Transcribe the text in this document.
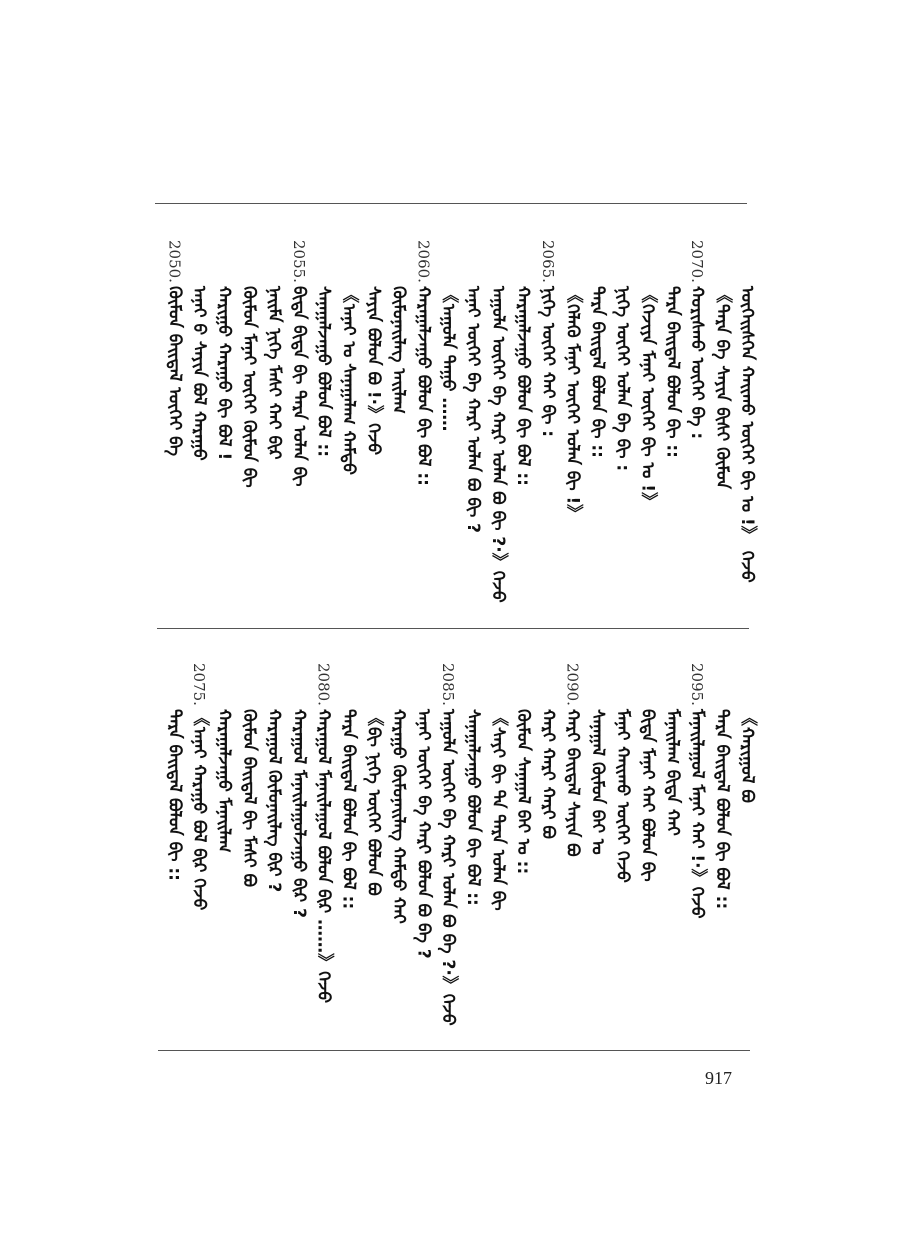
ᠦᠭᠡᠢᠰᠬᠡᠨ ᠬᠠᠢᠬᠤ ᠦᠭᠡᠢ ᠪᠢ ᠤ !》 ᠭᠡᠵᠦ
《ᠲᠡᠷᠡ ᠪᠡ ᠰᠠᠶᠢᠨ ᠪᠢᠰᠢ ᠬᠦᠮᠦᠨ
ᠬᠣᠷᠢᠰᠬᠣ ᠦᠭᠡᠢ ᠪᠠ :
2070.
ᠲᠡᠷᠡ ᠪᠠᠢᠳᠠᠯ ᠪᠣᠯᠤᠨ ᠪᠢ ::
《ᠬᠡᠵᠢᠶᠡ ᠮᠠᠨᠠᠢ ᠦᠭᠡᠢ ᠪᠢ ᠤ !》
ᠨᠢᠭᠡ ᠦᠭᠡᠢ ᠣᠯᠠᠨ ᠪᠠ ᠪᠢ :
ᠲᠡᠷᠡ ᠪᠠᠢᠳᠠᠯ ᠪᠣᠯᠤᠨ ᠪᠢ ::
《ᠬᠡᠯᠡᠭᠦ ᠮᠠᠨᠠᠢ ᠦᠭᠡᠢ ᠣᠯᠠᠨ ᠪᠢ !》
ᠨᠢᠭᠡ ᠦᠭᠡᠢ ᠬᠠᠢ ᠪᠢ :
2065.
ᠬᠠᠷᠠᠭᠠᠯᠵᠠᠭᠤ ᠪᠣᠯᠤᠨ ᠪᠢ ᠪᠣᠯ ::
ᠠᠭᠤᠯᠠ ᠦᠭᠡᠢ ᠪᠡ ᠬᠠᠷᠢ ᠣᠯᠠᠨ ᠪᠣ ᠪᠢ ?·》ᠭᠡᠵᠦ
ᠠᠨᠠᠢ ᠦᠭᠡᠢ ᠪᠡ ᠬᠠᠷᠢ ᠣᠯᠠᠨ ᠪᠣ ᠪᠢ ?
《ᠠᠭᠤᠯᠠ ᠳᠠᠭᠤ ……
ᠬᠠᠷᠠᠭᠠᠯᠵᠠᠭᠤ ᠪᠣᠯᠤᠨ ᠪᠢ ᠪᠣᠯ ::
2060.
ᠬᠦᠮᠦᠨᠡᠢᠯᠡᠭ ᠠᠢᠯᠠᠭ
ᠰᠠᠶᠢᠨ ᠪᠣᠯᠤᠨ ᠪᠣ !·》ᠭᠡᠵᠦ
《ᠠᠨᠠᠢ ᠤ ᠰᠠᠨᠠᠭᠠᠯᠠᠭ ᠬᠠᠮᠲᠤ
ᠰᠠᠨᠠᠭᠠᠯᠵᠠᠭᠤ ᠪᠣᠯᠤᠨ ᠪᠣᠯ ::
ᠪᠢᠳᠡ ᠪᠢᠳᠡ ᠪᠢ ᠲᠡᠷᠡ ᠣᠯᠠᠨ ᠪᠢ
2055.
ᠨᠠᠢᠮᠠ ᠨᠢᠭᠡ ᠮᠠᠰᠢ ᠬᠠᠢ ᠪᠢᠷ
ᠬᠦᠮᠦᠨ ᠮᠠᠨᠠᠢ ᠦᠭᠡᠢ ᠬᠦᠮᠦᠨ ᠪᠢ
ᠬᠠᠷᠢᠭᠤ ᠬᠠᠷᠠᠭᠤ ᠪᠢ ᠪᠣᠯ !
ᠠᠨᠠᠢ ᠪ ᠰᠠᠶᠢᠨ ᠪᠣᠯ ᠬᠠᠷᠠᠭᠤ
ᠬᠦᠮᠦᠨ ᠪᠠᠢᠳᠠᠯ ᠦᠭᠡᠢ ᠪᠠ
2050.
《ᠬᠠᠷᠢᠭᠤᠯ ᠪᠣ
ᠲᠡᠷᠡ ᠪᠠᠢᠳᠠᠯ ᠪᠣᠯᠤᠨ ᠪᠢ ᠪᠣᠯ ::
ᠮᠠᠨᠠᠢᠯᠠᠭᠤᠯ ᠮᠠᠨᠠᠢ ᠬᠠᠢ !·》ᠭᠡᠵᠦ
2095.
ᠮᠠᠨᠠᠢᠯᠠᠭ ᠪᠢᠳᠡ ᠬᠠᠢ
ᠪᠢᠳᠡ ᠮᠠᠨᠠᠢ ᠬᠠᠢ ᠪᠣᠯᠤᠨ ᠪᠢ
ᠮᠠᠨᠠᠢ ᠬᠠᠢᠬᠤ ᠦᠭᠡᠢ ᠭᠡᠵᠦ
ᠰᠠᠨᠠᠭᠠᠯ ᠬᠦᠮᠦᠨ ᠪᠠᠢ ᠤ
ᠬᠠᠷᠢ ᠪᠠᠢᠳᠠᠯ ᠰᠠᠶᠢᠨ ᠪᠣ
2090.
ᠬᠠᠷᠢ ᠬᠠᠷᠢ ᠬᠠᠷᠢ ᠪᠣ
ᠬᠦᠮᠦᠨ ᠰᠠᠨᠠᠭᠠᠯ ᠪᠠᠢ ᠤ ::
《ᠰᠠᠶᠢ ᠪᠢ ᠲᠡ ᠲᠡᠷᠡ ᠣᠯᠠᠨ ᠪᠢ
ᠰᠠᠨᠠᠭᠠᠯᠵᠠᠭᠤ ᠪᠣᠯᠤᠨ ᠪᠢ ᠪᠣᠯ ::
ᠠᠭᠤᠯᠠ ᠦᠭᠡᠢ ᠪᠡ ᠬᠠᠷᠢ ᠣᠯᠠᠨ ᠪᠣ ᠪᠠ ?·》ᠭᠡᠵᠦ
2085.
ᠠᠨᠠᠢ ᠦᠭᠡᠢ ᠪᠡ ᠬᠠᠷᠢ ᠪᠣᠯᠤᠨ ᠪᠣ ᠪᠠ ?
ᠬᠠᠷᠠᠭᠤ ᠬᠦᠮᠦᠨᠡᠢᠯᠡᠭ ᠬᠠᠮᠲᠤ ᠬᠠᠢ
《ᠪᠢ ᠨᠢᠭᠡ ᠦᠭᠡᠢ ᠪᠣᠯᠤᠨ ᠪᠣ
ᠲᠡᠷᠡ ᠪᠠᠢᠳᠠᠯ ᠪᠣᠯᠤᠨ ᠪᠢ ᠪᠣᠯ ::
ᠬᠠᠷᠠᠭᠤᠯ ᠮᠠᠨᠠᠢᠯᠠᠭᠤᠯ ᠪᠣᠯᠤᠨ ᠪᠢᠷ ……》ᠭᠡᠵᠦ
2080.
ᠬᠠᠷᠠᠭᠤᠯ ᠮᠠᠨᠠᠢᠯᠠᠭᠤᠯᠵᠠᠭᠤ ᠪᠢᠷ ?
ᠬᠠᠷᠠᠭᠤᠯ ᠬᠦᠮᠦᠨᠡᠢᠯᠡᠭ ᠪᠢᠷ ?
ᠬᠦᠮᠦᠨ ᠪᠠᠢᠳᠠᠯ ᠪᠢ ᠮᠠᠰᠢ ᠪᠣ
ᠬᠠᠷᠠᠭᠠᠯᠵᠠᠭᠤ ᠮᠠᠨᠠᠢᠯᠠᠭ
《ᠠᠨᠠᠢ ᠬᠠᠷᠠᠭᠤ ᠪᠣᠯ ᠪᠢᠷ ᠭᠡᠵᠦ
2075.
ᠲᠡᠷᠡ ᠪᠠᠢᠳᠠᠯ ᠪᠣᠯᠤᠨ ᠪᠢ ::
917
